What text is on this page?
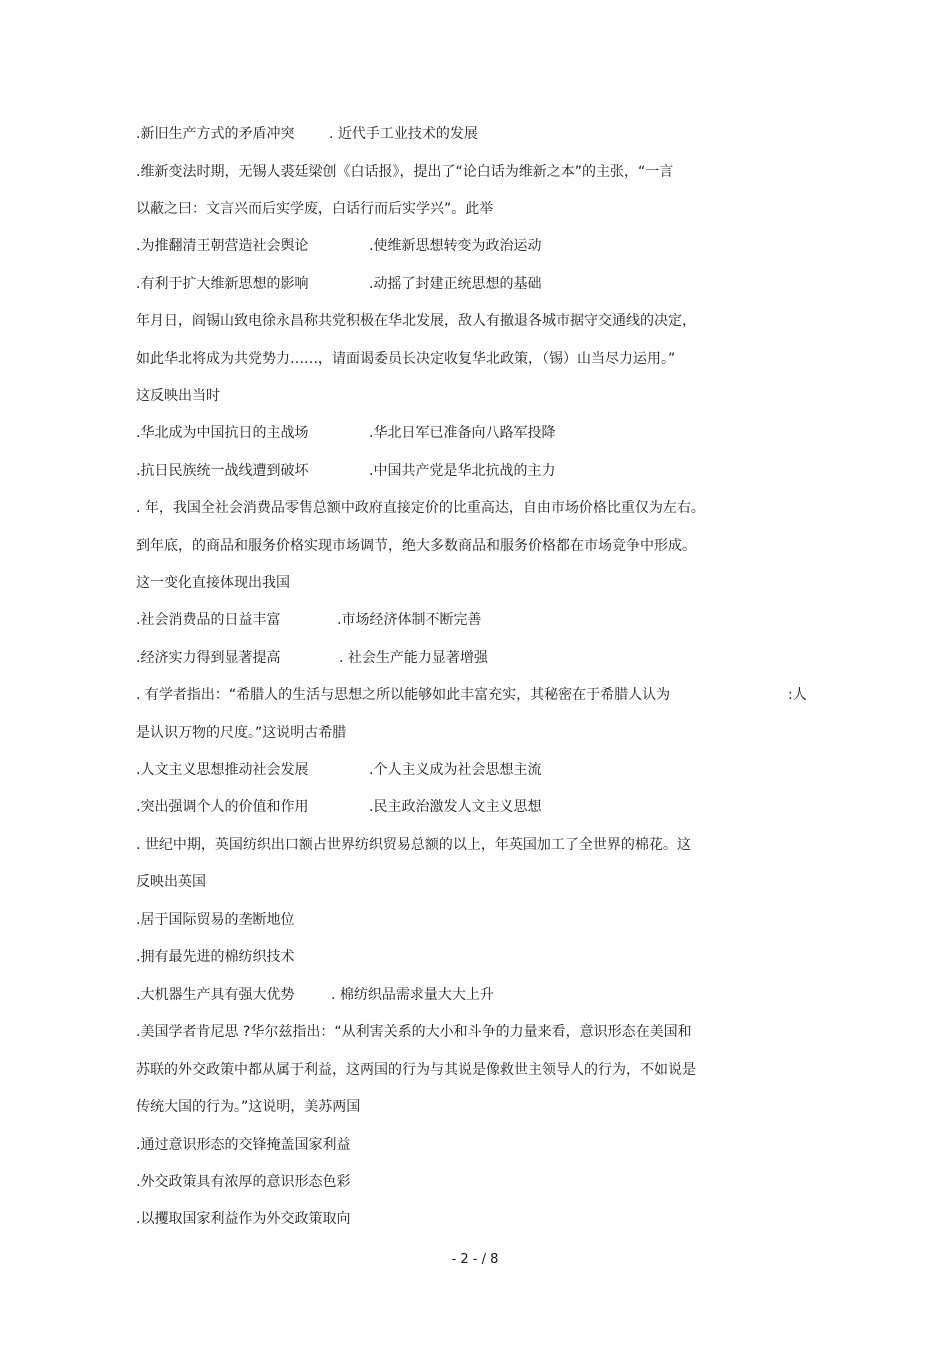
.新旧生产方式的矛盾冲突

. 近代手工业技术的发展

.维新变法时期，无锡人裘廷梁创《白话报》，提出了“论白话为维新之本”的主张，“一言
以蔽之曰：文言兴而后实学废，白话行而后实学兴”。此举

.为推翻清王朝营造社会舆论

	.使维新思想转变为政治运动

.有利于扩大维新思想的影响

	.动摇了封建正统思想的基础

年月日，阎锡山致电徐永昌称共党积极在华北发展，敌人有撤退各城市据守交通线的决定，
如此华北将成为共党势力……，请面谒委员长决定收复华北政策，（锡）山当尽力运用。”
这反映出当时

.华北成为中国抗日的主战场

	.华北日军已准备向八路军投降

.抗日民族统一战线遭到破坏

	.中国共产党是华北抗战的主力

. 年，我国全社会消费品零售总额中政府直接定价的比重高达，自由市场价格比重仅为左右。
到年底，的商品和服务价格实现市场调节，绝大多数商品和服务价格都在市场竞争中形成。
这一变化直接体现出我国

.社会消费品的日益丰富

	.市场经济体制不断完善

.经济实力得到显著提高

	. 社会生产能力显著增强

. 有学者指出：“希腊人的生活与思想之所以能够如此丰富充实，其秘密在于希腊人认为

	:人

是认识万物的尺度。”这说明古希腊

.人文主义思想推动社会发展

	.个人主义成为社会思想主流

.突出强调个人的价值和作用

	.民主政治激发人文主义思想

. 世纪中期，英国纺织出口额占世界纺织贸易总额的以上，年英国加工了全世界的棉花。这
反映出英国
.居于国际贸易的垄断地位
.拥有最先进的棉纺织技术

.大机器生产具有强大优势

	. 棉纺织品需求量大大上升

.美国学者肯尼思 ?华尔兹指出：“从利害关系的大小和斗争的力量来看，意识形态在美国和
苏联的外交政策中都从属于利益，这两国的行为与其说是像救世主领导人的行为，不如说是
传统大国的行为。”这说明，美苏两国
.通过意识形态的交锋掩盖国家利益
.外交政策具有浓厚的意识形态色彩
.以攫取国家利益作为外交政策取向
- 2 - / 8
